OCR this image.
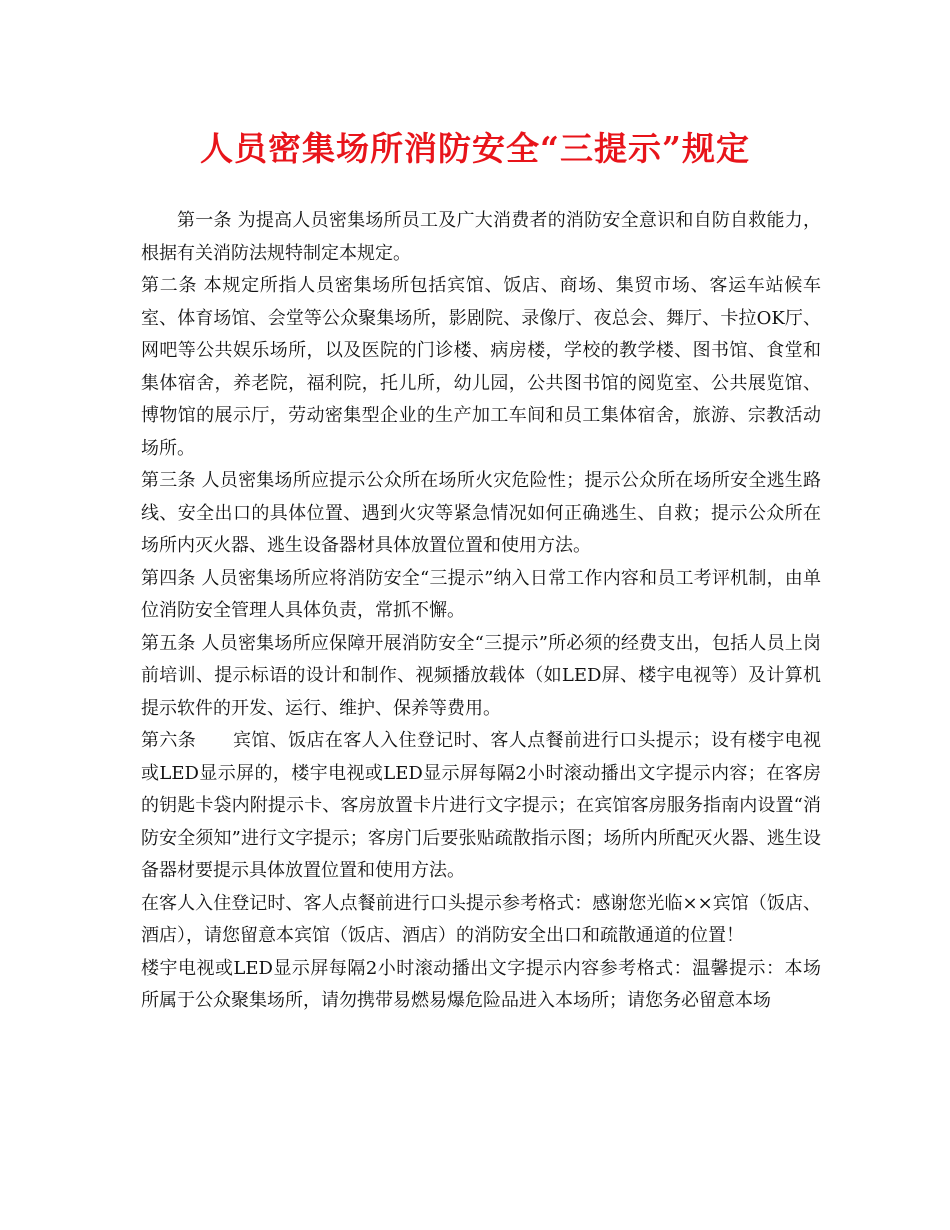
人员密集场所消防安全“三提示”规定

第一条 为提高人员密集场所员工及广大消费者的消防安全意识和自防自救能力，根据有关消防法规特制定本规定。

第二条 本规定所指人员密集场所包括宾馆、饭店、商场、集贸市场、客运车站候车室、体育场馆、会堂等公众聚集场所，影剧院、录像厅、夜总会、舞厅、卡拉OK厅、网吧等公共娱乐场所，以及医院的门诊楼、病房楼，学校的教学楼、图书馆、食堂和集体宿舍，养老院，福利院，托儿所，幼儿园，公共图书馆的阅览室、公共展览馆、博物馆的展示厅，劳动密集型企业的生产加工车间和员工集体宿舍，旅游、宗教活动场所。

第三条 人员密集场所应提示公众所在场所火灾危险性；提示公众所在场所安全逃生路线、安全出口的具体位置、遇到火灾等紧急情况如何正确逃生、自救；提示公众所在场所内灭火器、逃生设备器材具体放置位置和使用方法。

第四条 人员密集场所应将消防安全“三提示”纳入日常工作内容和员工考评机制，由单位消防安全管理人具体负责，常抓不懈。

第五条 人员密集场所应保障开展消防安全“三提示”所必须的经费支出，包括人员上岗前培训、提示标语的设计和制作、视频播放载体（如LED屏、楼宇电视等）及计算机提示软件的开发、运行、维护、保养等费用。

第六条　　宾馆、饭店在客人入住登记时、客人点餐前进行口头提示；设有楼宇电视或LED显示屏的，楼宇电视或LED显示屏每隔2小时滚动播出文字提示内容；在客房的钥匙卡袋内附提示卡、客房放置卡片进行文字提示；在宾馆客房服务指南内设置“消防安全须知”进行文字提示；客房门后要张贴疏散指示图；场所内所配灭火器、逃生设备器材要提示具体放置位置和使用方法。

在客人入住登记时、客人点餐前进行口头提示参考格式：感谢您光临××宾馆（饭店、酒店），请您留意本宾馆（饭店、酒店）的消防安全出口和疏散通道的位置！

楼宇电视或LED显示屏每隔2小时滚动播出文字提示内容参考格式：温馨提示：本场所属于公众聚集场所，请勿携带易燃易爆危险品进入本场所；请您务必留意本场
